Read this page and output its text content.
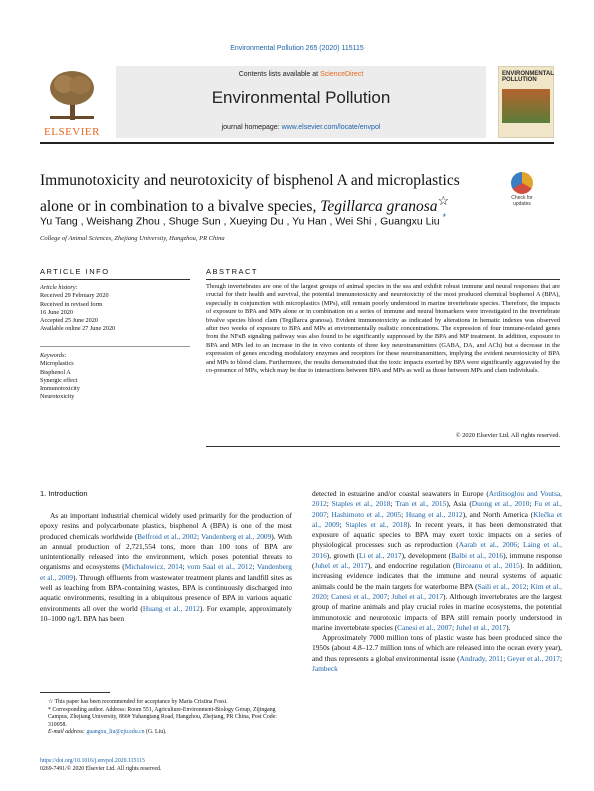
Environmental Pollution 265 (2020) 115115
ELSEVIER
Contents lists available at ScienceDirect
Environmental Pollution
journal homepage: www.elsevier.com/locate/envpol
ENVIRONMENTAL POLLUTION
Immunotoxicity and neurotoxicity of bisphenol A and microplastics alone or in combination to a bivalve species, Tegillarca granosa☆	Check for updates
Yu Tang , Weishang Zhou , Shuge Sun , Xueying Du , Yu Han , Wei Shi , Guangxu Liu *
College of Animal Sciences, Zhejiang University, Hangzhou, PR China
ARTICLE INFO	ABSTRACT
Article history:
Received 29 February 2020
Received in revised form
16 June 2020
Accepted 25 June 2020
Available online 27 June 2020
Keywords:
Microplastics
Bisphenol A
Synergic effect
Immunotoxicity
Neurotoxicity
Though invertebrates are one of the largest groups of animal species in the sea and exhibit robust immune and neural responses that are crucial for their health and survival, the potential immunotoxicity and neurotoxicity of the most produced chemical bisphenol A (BPA), especially in conjunction with microplastics (MPs), still remain poorly understood in marine invertebrate species. Therefore, the impacts of exposure to BPA and MPs alone or in combination on a series of immune and neural biomarkers were investigated in the invertebrate bivalve species blood clam (Tegillarca granosa). Evident immunotoxicity as indicated by alterations in hematic indexes was observed after two weeks of exposure to BPA and MPs at environmentally realistic concentrations. The expression of four immune-related genes from the NFκB signaling pathway was also found to be significantly suppressed by the BPA and MP treatment. In addition, exposure to BPA and MPs led to an increase in the in vivo contents of three key neurotransmitters (GABA, DA, and ACh) but a decrease in the expression of genes encoding modulatory enzymes and receptors for these neurotransmitters, implying the evident neurotoxicity of BPA and MPs to blood clam. Furthermore, the results demonstrated that the toxic impacts exerted by BPA were significantly aggravated by the co-presence of MPs, which may be due to interactions between BPA and MPs as well as those between MPs and clam individuals.
© 2020 Elsevier Ltd. All rights reserved.
1. Introduction

As an important industrial chemical widely used primarily for the production of epoxy resins and polycarbonate plastics, bisphenol A (BPA) is one of the most produced chemicals worldwide (Belfroid et al., 2002; Vandenberg et al., 2009). With an annual production of 2,721,554 tons, more than 100 tons of BPA are unintentionally released into the environment, which poses potential threats to organisms and ecosystems (Michałowicz, 2014; vom Saal et al., 2012; Vandenberg et al., 2009). Through effluents from wastewater treatment plants and landfill sites as well as leaching from BPA-containing wastes, BPA is continuously discharged into aquatic environments, resulting in a ubiquitous presence of BPA in various aquatic environments all over the world (Huang et al., 2012). For example, approximately 10–1000 ng/L BPA has been

detected in estuarine and/or coastal seawaters in Europe (Arditsoglou and Voutsa, 2012; Staples et al., 2018; Tran et al., 2015), Asia (Duong et al., 2010; Fu et al., 2007; Hashimoto et al., 2005; Huang et al., 2012), and North America (Klečka et al., 2009; Staples et al., 2018). In recent years, it has been demonstrated that exposure of aquatic species to BPA may exert toxic impacts on a series of physiological processes such as reproduction (Aarab et al., 2006; Laing et al., 2016), growth (Li et al., 2017), development (Balbi et al., 2016), immune response (Juhel et al., 2017), and endocrine regulation (Birceanu et al., 2015). In addition, increasing evidence indicates that the immune and neural systems of aquatic animals could be the main targets for waterborne BPA (Saili et al., 2012; Kim et al., 2020; Canesi et al., 2007; Juhel et al., 2017). Although invertebrates are the largest group of marine animals and play crucial roles in marine ecosystems, the potential immunotoxic and neurotoxic impacts of BPA still remain poorly understood in marine invertebrate species (Canesi et al., 2007; Juhel et al., 2017).

Approximately 7000 million tons of plastic waste has been produced since the 1950s (about 4.8–12.7 million tons of which are released into the ocean every year), and thus represents a global environmental issue (Andrady, 2011; Geyer et al., 2017; Jambeck

☆ This paper has been recommended for acceptance by Maria Cristina Fossi.
* Corresponding author. Address: Room 551, Agriculture-Environment-Biology Group, Zijingang Campus, Zhejiang University, 866# Yuhangtang Road, Hangzhou, Zhejiang, PR China, Post Code: 310058.
E-mail address: guangxu_liu@zju.edu.cn (G. Liu).
https://doi.org/10.1016/j.envpol.2020.115115
0269-7491/© 2020 Elsevier Ltd. All rights reserved.
